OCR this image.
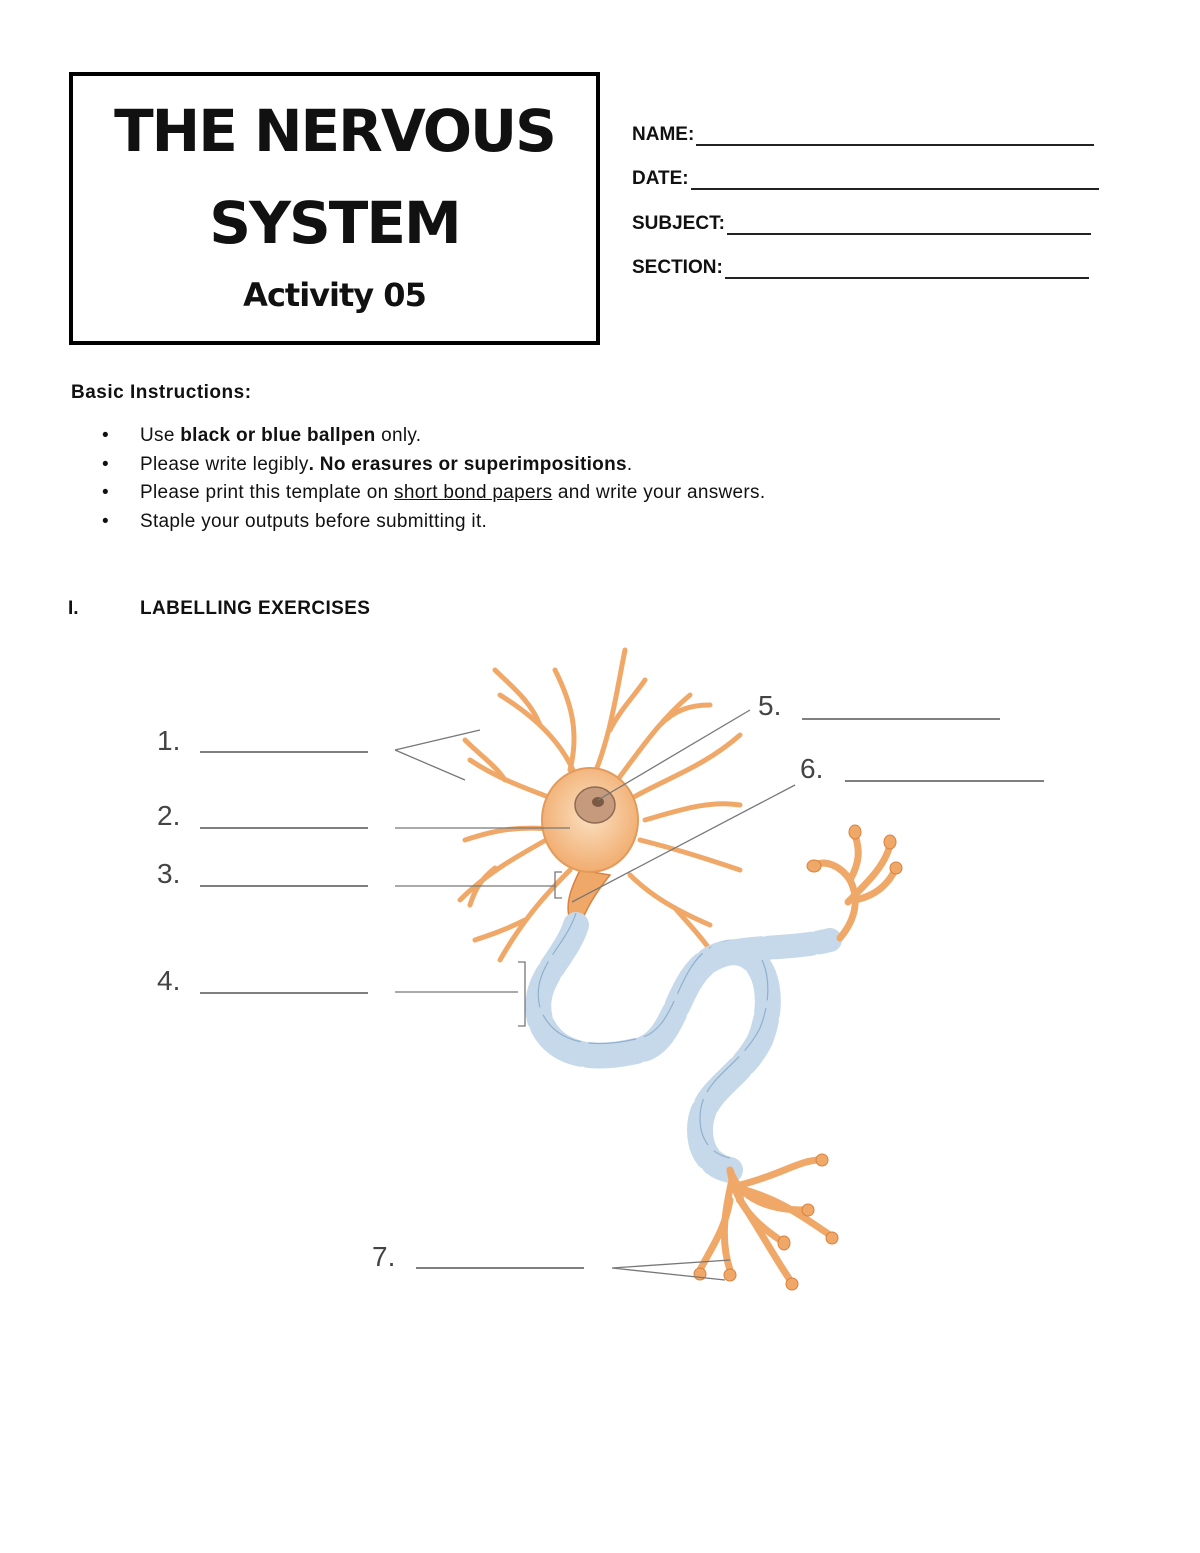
THE NERVOUS
SYSTEM
Activity 05
NAME:
DATE:
SUBJECT:
SECTION:
Basic Instructions:
• Use black or blue ballpen only.
• Please write legibly. No erasures or superimpositions.
• Please print this template on short bond papers and write your answers.
• Staple your outputs before submitting it.
I.	LABELLING EXERCISES
1.
2.
3.
4.
5.
6.
7.
